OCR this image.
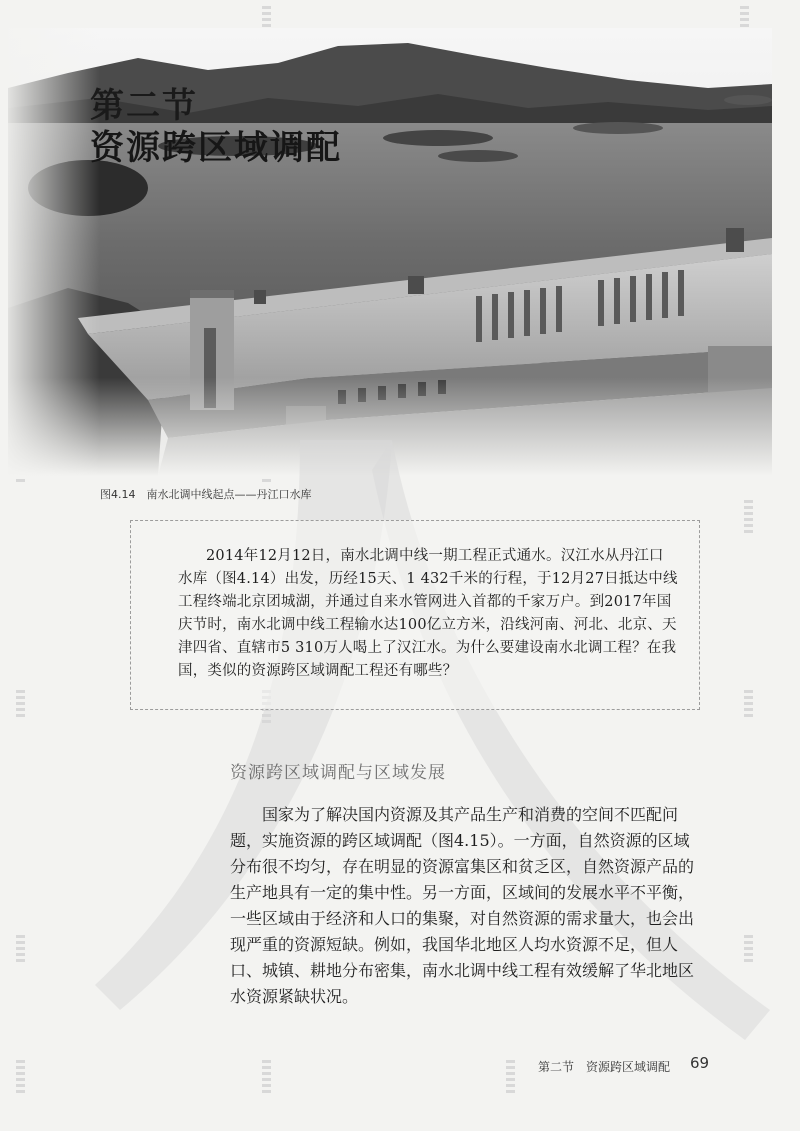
第二节
资源跨区域调配
图4.14　南水北调中线起点——丹江口水库

2014年12月12日，南水北调中线一期工程正式通水。汉江水从丹江口水库（图4.14）出发，历经15天、1 432千米的行程，于12月27日抵达中线工程终端北京团城湖，并通过自来水管网进入首都的千家万户。到2017年国庆节时，南水北调中线工程输水达100亿立方米，沿线河南、河北、北京、天津四省、直辖市5 310万人喝上了汉江水。为什么要建设南水北调工程？在我国，类似的资源跨区域调配工程还有哪些？

资源跨区域调配与区域发展

国家为了解决国内资源及其产品生产和消费的空间不匹配问题，实施资源的跨区域调配（图4.15）。一方面，自然资源的区域分布很不均匀，存在明显的资源富集区和贫乏区，自然资源产品的生产地具有一定的集中性。另一方面，区域间的发展水平不平衡，一些区域由于经济和人口的集聚，对自然资源的需求量大，也会出现严重的资源短缺。例如，我国华北地区人均水资源不足，但人口、城镇、耕地分布密集，南水北调中线工程有效缓解了华北地区水资源紧缺状况。

第二节　资源跨区域调配 69
